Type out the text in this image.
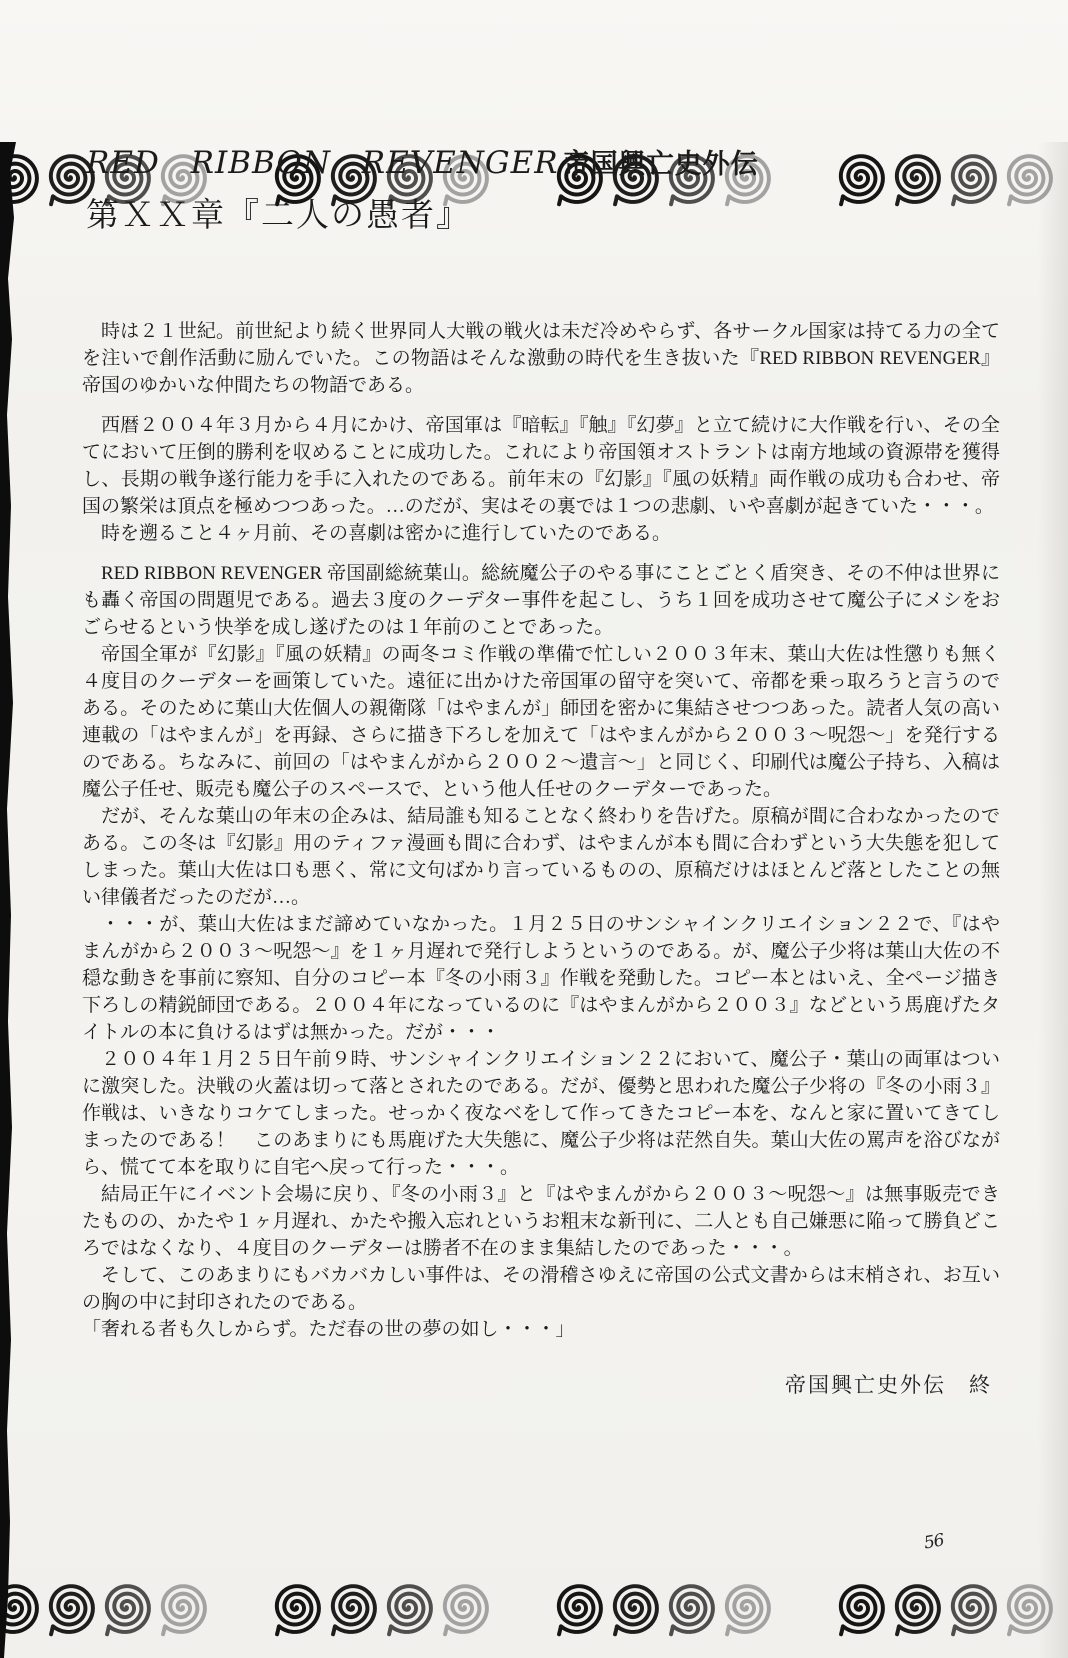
RED RIBBON REVENGER 帝国興亡史外伝
第ＸＸ章『二人の愚者』

時は２１世紀。前世紀より続く世界同人大戦の戦火は未だ冷めやらず、各サークル国家は持てる力の全てを注いで創作活動に励んでいた。この物語はそんな激動の時代を生き抜いた『RED RIBBON REVENGER』帝国のゆかいな仲間たちの物語である。

西暦２００４年３月から４月にかけ、帝国軍は『暗転』『触』『幻夢』と立て続けに大作戦を行い、その全てにおいて圧倒的勝利を収めることに成功した。これにより帝国領オストラントは南方地域の資源帯を獲得し、長期の戦争遂行能力を手に入れたのである。前年末の『幻影』『風の妖精』両作戦の成功も合わせ、帝国の繁栄は頂点を極めつつあった。…のだが、実はその裏では１つの悲劇、いや喜劇が起きていた・・・。

時を遡ること４ヶ月前、その喜劇は密かに進行していたのである。

RED RIBBON REVENGER 帝国副総統葉山。総統魔公子のやる事にことごとく盾突き、その不仲は世界にも轟く帝国の問題児である。過去３度のクーデター事件を起こし、うち１回を成功させて魔公子にメシをおごらせるという快挙を成し遂げたのは１年前のことであった。

帝国全軍が『幻影』『風の妖精』の両冬コミ作戦の準備で忙しい２００３年末、葉山大佐は性懲りも無く４度目のクーデターを画策していた。遠征に出かけた帝国軍の留守を突いて、帝都を乗っ取ろうと言うのである。そのために葉山大佐個人の親衛隊「はやまんが」師団を密かに集結させつつあった。読者人気の高い連載の「はやまんが」を再録、さらに描き下ろしを加えて「はやまんがから２００３〜呪怨〜」を発行するのである。ちなみに、前回の「はやまんがから２００２〜遺言〜」と同じく、印刷代は魔公子持ち、入稿は魔公子任せ、販売も魔公子のスペースで、という他人任せのクーデターであった。

だが、そんな葉山の年末の企みは、結局誰も知ることなく終わりを告げた。原稿が間に合わなかったのである。この冬は『幻影』用のティファ漫画も間に合わず、はやまんが本も間に合わずという大失態を犯してしまった。葉山大佐は口も悪く、常に文句ばかり言っているものの、原稿だけはほとんど落としたことの無い律儀者だったのだが…。

・・・が、葉山大佐はまだ諦めていなかった。１月２５日のサンシャインクリエイション２２で、『はやまんがから２００３〜呪怨〜』を１ヶ月遅れで発行しようというのである。が、魔公子少将は葉山大佐の不穏な動きを事前に察知、自分のコピー本『冬の小雨３』作戦を発動した。コピー本とはいえ、全ページ描き下ろしの精鋭師団である。２００４年になっているのに『はやまんがから２００３』などという馬鹿げたタイトルの本に負けるはずは無かった。だが・・・

２００４年１月２５日午前９時、サンシャインクリエイション２２において、魔公子・葉山の両軍はついに激突した。決戦の火蓋は切って落とされたのである。だが、優勢と思われた魔公子少将の『冬の小雨３』作戦は、いきなりコケてしまった。せっかく夜なべをして作ってきたコピー本を、なんと家に置いてきてしまったのである！　このあまりにも馬鹿げた大失態に、魔公子少将は茫然自失。葉山大佐の罵声を浴びながら、慌てて本を取りに自宅へ戻って行った・・・。

結局正午にイベント会場に戻り、『冬の小雨３』と『はやまんがから２００３〜呪怨〜』は無事販売できたものの、かたや１ヶ月遅れ、かたや搬入忘れというお粗末な新刊に、二人とも自己嫌悪に陥って勝負どころではなくなり、４度目のクーデターは勝者不在のまま集結したのであった・・・。

そして、このあまりにもバカバカしい事件は、その滑稽さゆえに帝国の公式文書からは末梢され、お互いの胸の中に封印されたのである。

「奢れる者も久しからず。ただ春の世の夢の如し・・・」

帝国興亡史外伝　終
56
